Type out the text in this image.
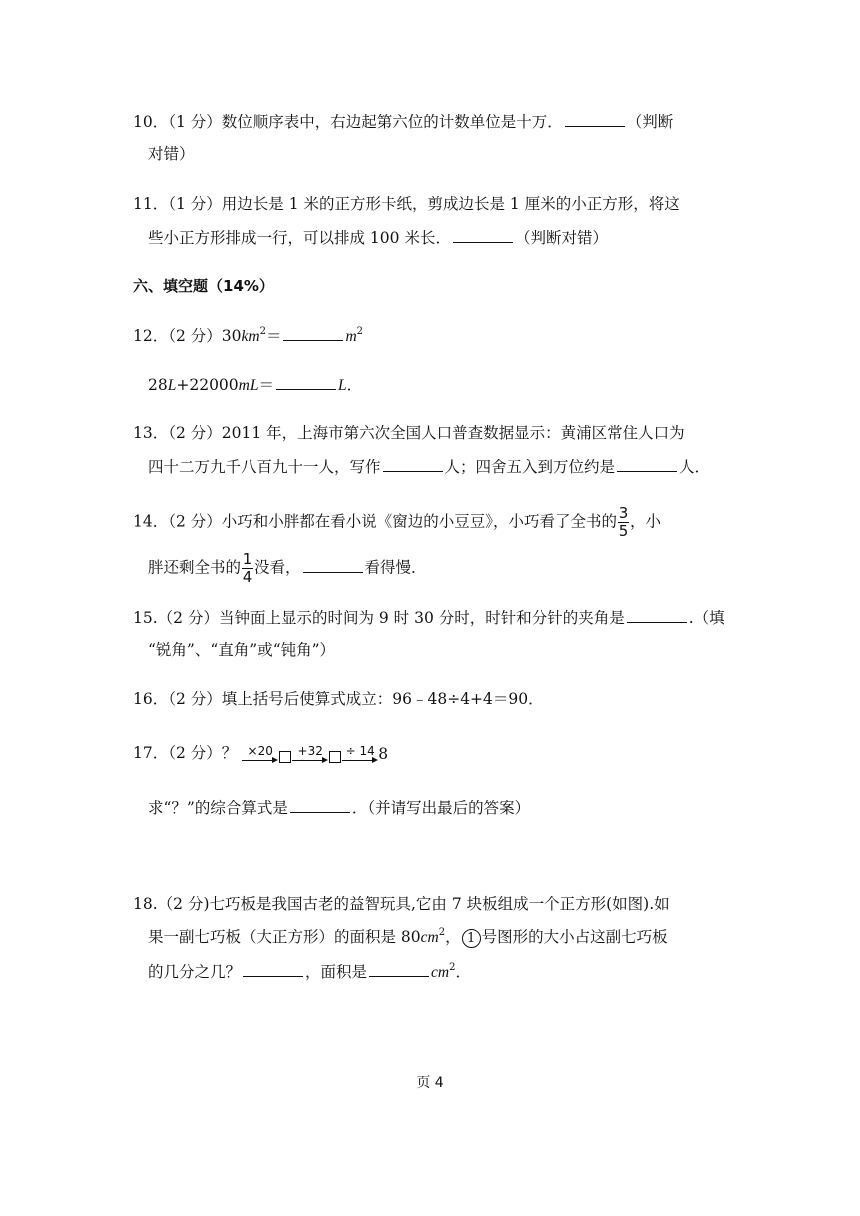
10．（1 分）数位顺序表中，右边起第六位的计数单位是十万．	（判断
对错）
11．（1 分）用边长是 1 米的正方形卡纸，剪成边长是 1 厘米的小正方形，将这
些小正方形排成一行，可以排成 100 米长．	（判断对错）
六、填空题（14%）
12．（2 分）$30km^2=$	$m^2$
28L+22000mL＝	L．
13．（2 分）2011 年，上海市第六次全国人口普查数据显示：黄浦区常住人口为
四十二万九千八百九十一人，写作	人；四舍五入到万位约是	人．
14．（2 分）小巧和小胖都在看小说《窗边的小豆豆》，小巧看了全书的 $\frac{3}{5}$ ，小
胖还剩全书的 $\frac{1}{4}$ 没看，	看得慢．
15.（2 分）当钟面上显示的时间为 9 时 30 分时，时针和分针的夹角是	.（填
“锐角”、“直角”或“钝角”）
16．（2 分）填上括号后使算式成立：96﹣48÷4+4＝90．
17．（2 分）？ ×20 +32 ÷ 14 8
求“？”的综合算式是	．（并请写出最后的答案）
18.（2 分)七巧板是我国古老的益智玩具,它由 7 块板组成一个正方形(如图).如
果一副七巧板（大正方形）的面积是 $80cm^2$， 1 号图形的大小占这副七巧板
的几分之几？	，面积是	$cm^2$．
页 4
